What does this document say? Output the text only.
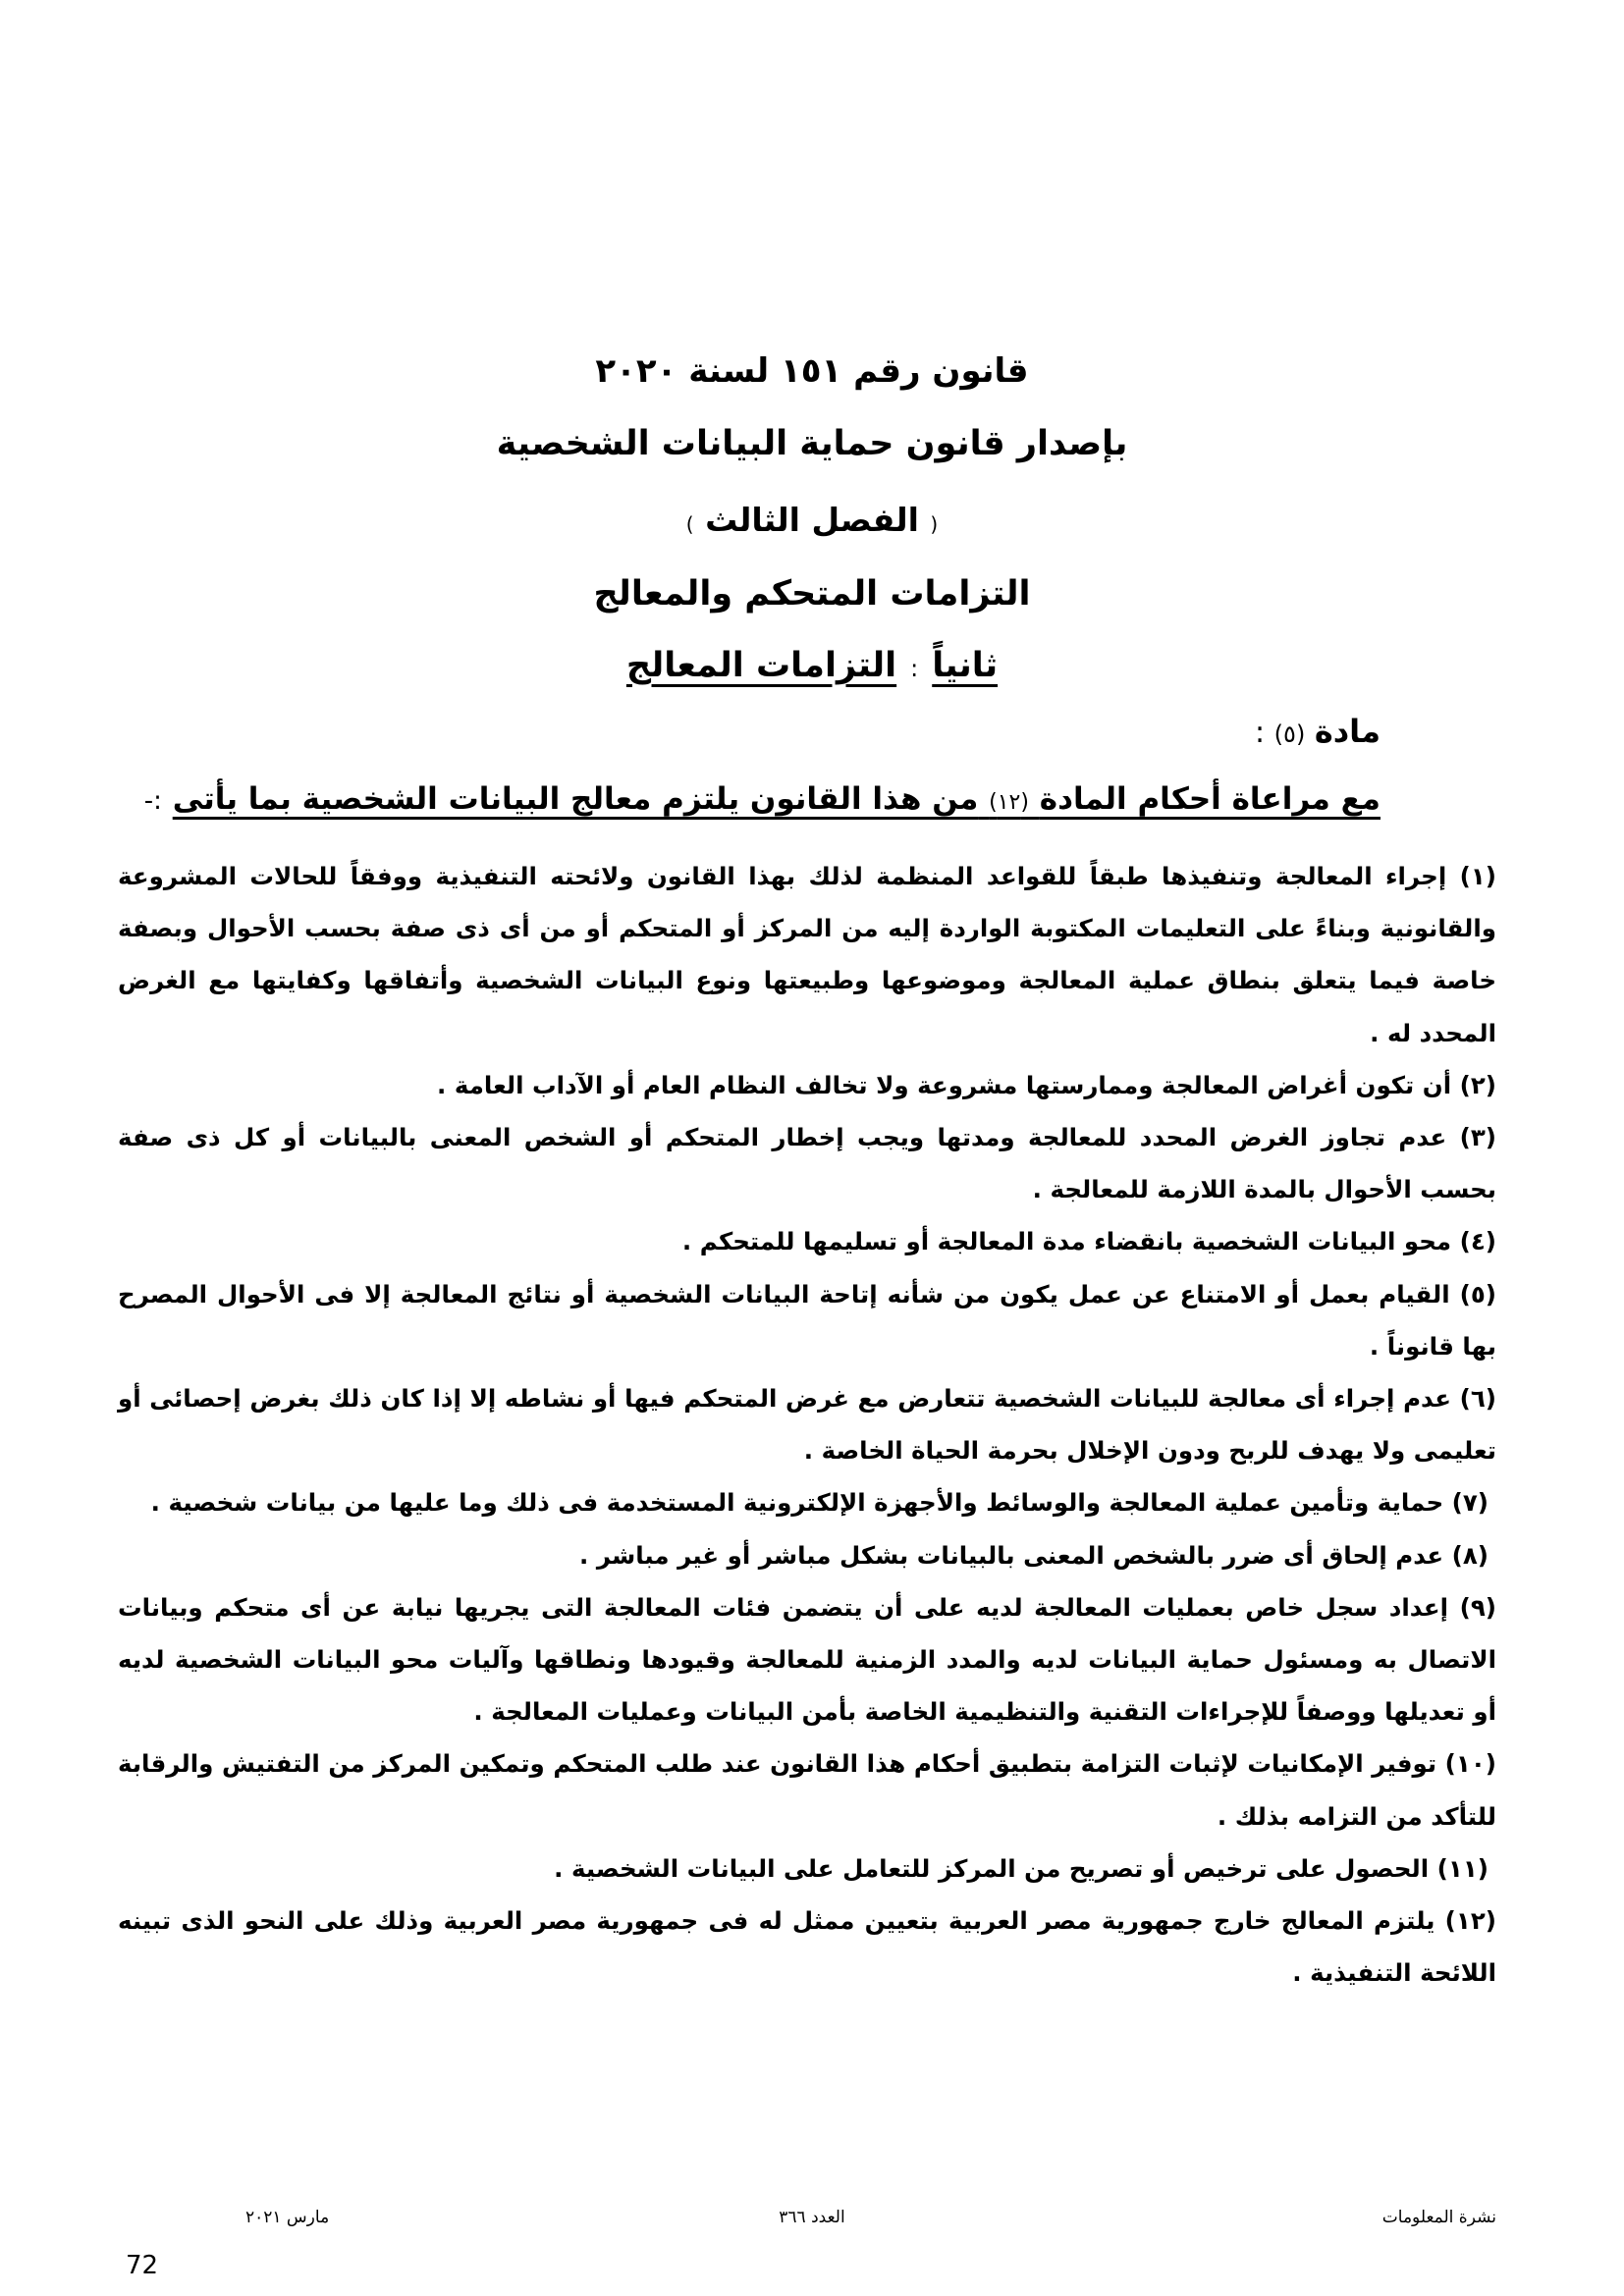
قانون رقم ١٥١ لسنة ٢٠٢٠
بإصدار قانون حماية البيانات الشخصية
( الفصل الثالث )
التزامات المتحكم والمعالج
ثانياً:التزامات المعالج
مادة (٥) :
مع مراعاة أحكام المادة (١٢) من هذا القانون يلتزم معالج البيانات الشخصية بما يأتى :-

(١) إجراء المعالجة وتنفيذها طبقاً للقواعد المنظمة لذلك بهذا القانون ولائحته التنفيذية ووفقاً للحالات المشروعة والقانونية وبناءً على التعليمات المكتوبة الواردة إليه من المركز أو المتحكم أو من أى ذى صفة بحسب الأحوال وبصفة خاصة فيما يتعلق بنطاق عملية المعالجة وموضوعها وطبيعتها ونوع البيانات الشخصية وأتفاقها وكفايتها مع الغرض المحدد له .

(٢) أن تكون أغراض المعالجة وممارستها مشروعة ولا تخالف النظام العام أو الآداب العامة .

(٣) عدم تجاوز الغرض المحدد للمعالجة ومدتها ويجب إخطار المتحكم أو الشخص المعنى بالبيانات أو كل ذى صفة بحسب الأحوال بالمدة اللازمة للمعالجة .

(٤) محو البيانات الشخصية بانقضاء مدة المعالجة أو تسليمها للمتحكم .

(٥) القيام بعمل أو الامتناع عن عمل يكون من شأنه إتاحة البيانات الشخصية أو نتائج المعالجة إلا فى الأحوال المصرح بها قانوناً .

(٦) عدم إجراء أى معالجة للبيانات الشخصية تتعارض مع غرض المتحكم فيها أو نشاطه إلا إذا كان ذلك بغرض إحصائى أو تعليمى ولا يهدف للربح ودون الإخلال بحرمة الحياة الخاصة .

(٧) حماية وتأمين عملية المعالجة والوسائط والأجهزة الإلكترونية المستخدمة فى ذلك وما عليها من بيانات شخصية .

(٨) عدم إلحاق أى ضرر بالشخص المعنى بالبيانات بشكل مباشر أو غير مباشر .

(٩) إعداد سجل خاص بعمليات المعالجة لديه على أن يتضمن فئات المعالجة التى يجريها نيابة عن أى متحكم وبيانات الاتصال به ومسئول حماية البيانات لديه والمدد الزمنية للمعالجة وقيودها ونطاقها وآليات محو البيانات الشخصية لديه أو تعديلها ووصفاً للإجراءات التقنية والتنظيمية الخاصة بأمن البيانات وعمليات المعالجة .

(١٠) توفير الإمكانيات لإثبات التزامة بتطبيق أحكام هذا القانون عند طلب المتحكم وتمكين المركز من التفتيش والرقابة للتأكد من التزامه بذلك .

(١١) الحصول على ترخيص أو تصريح من المركز للتعامل على البيانات الشخصية .

(١٢) يلتزم المعالج خارج جمهورية مصر العربية بتعيين ممثل له فى جمهورية مصر العربية وذلك على النحو الذى تبينه اللائحة التنفيذية .

نشرة المعلومات
العدد ٣٦٦
مارس ٢٠٢١
72
